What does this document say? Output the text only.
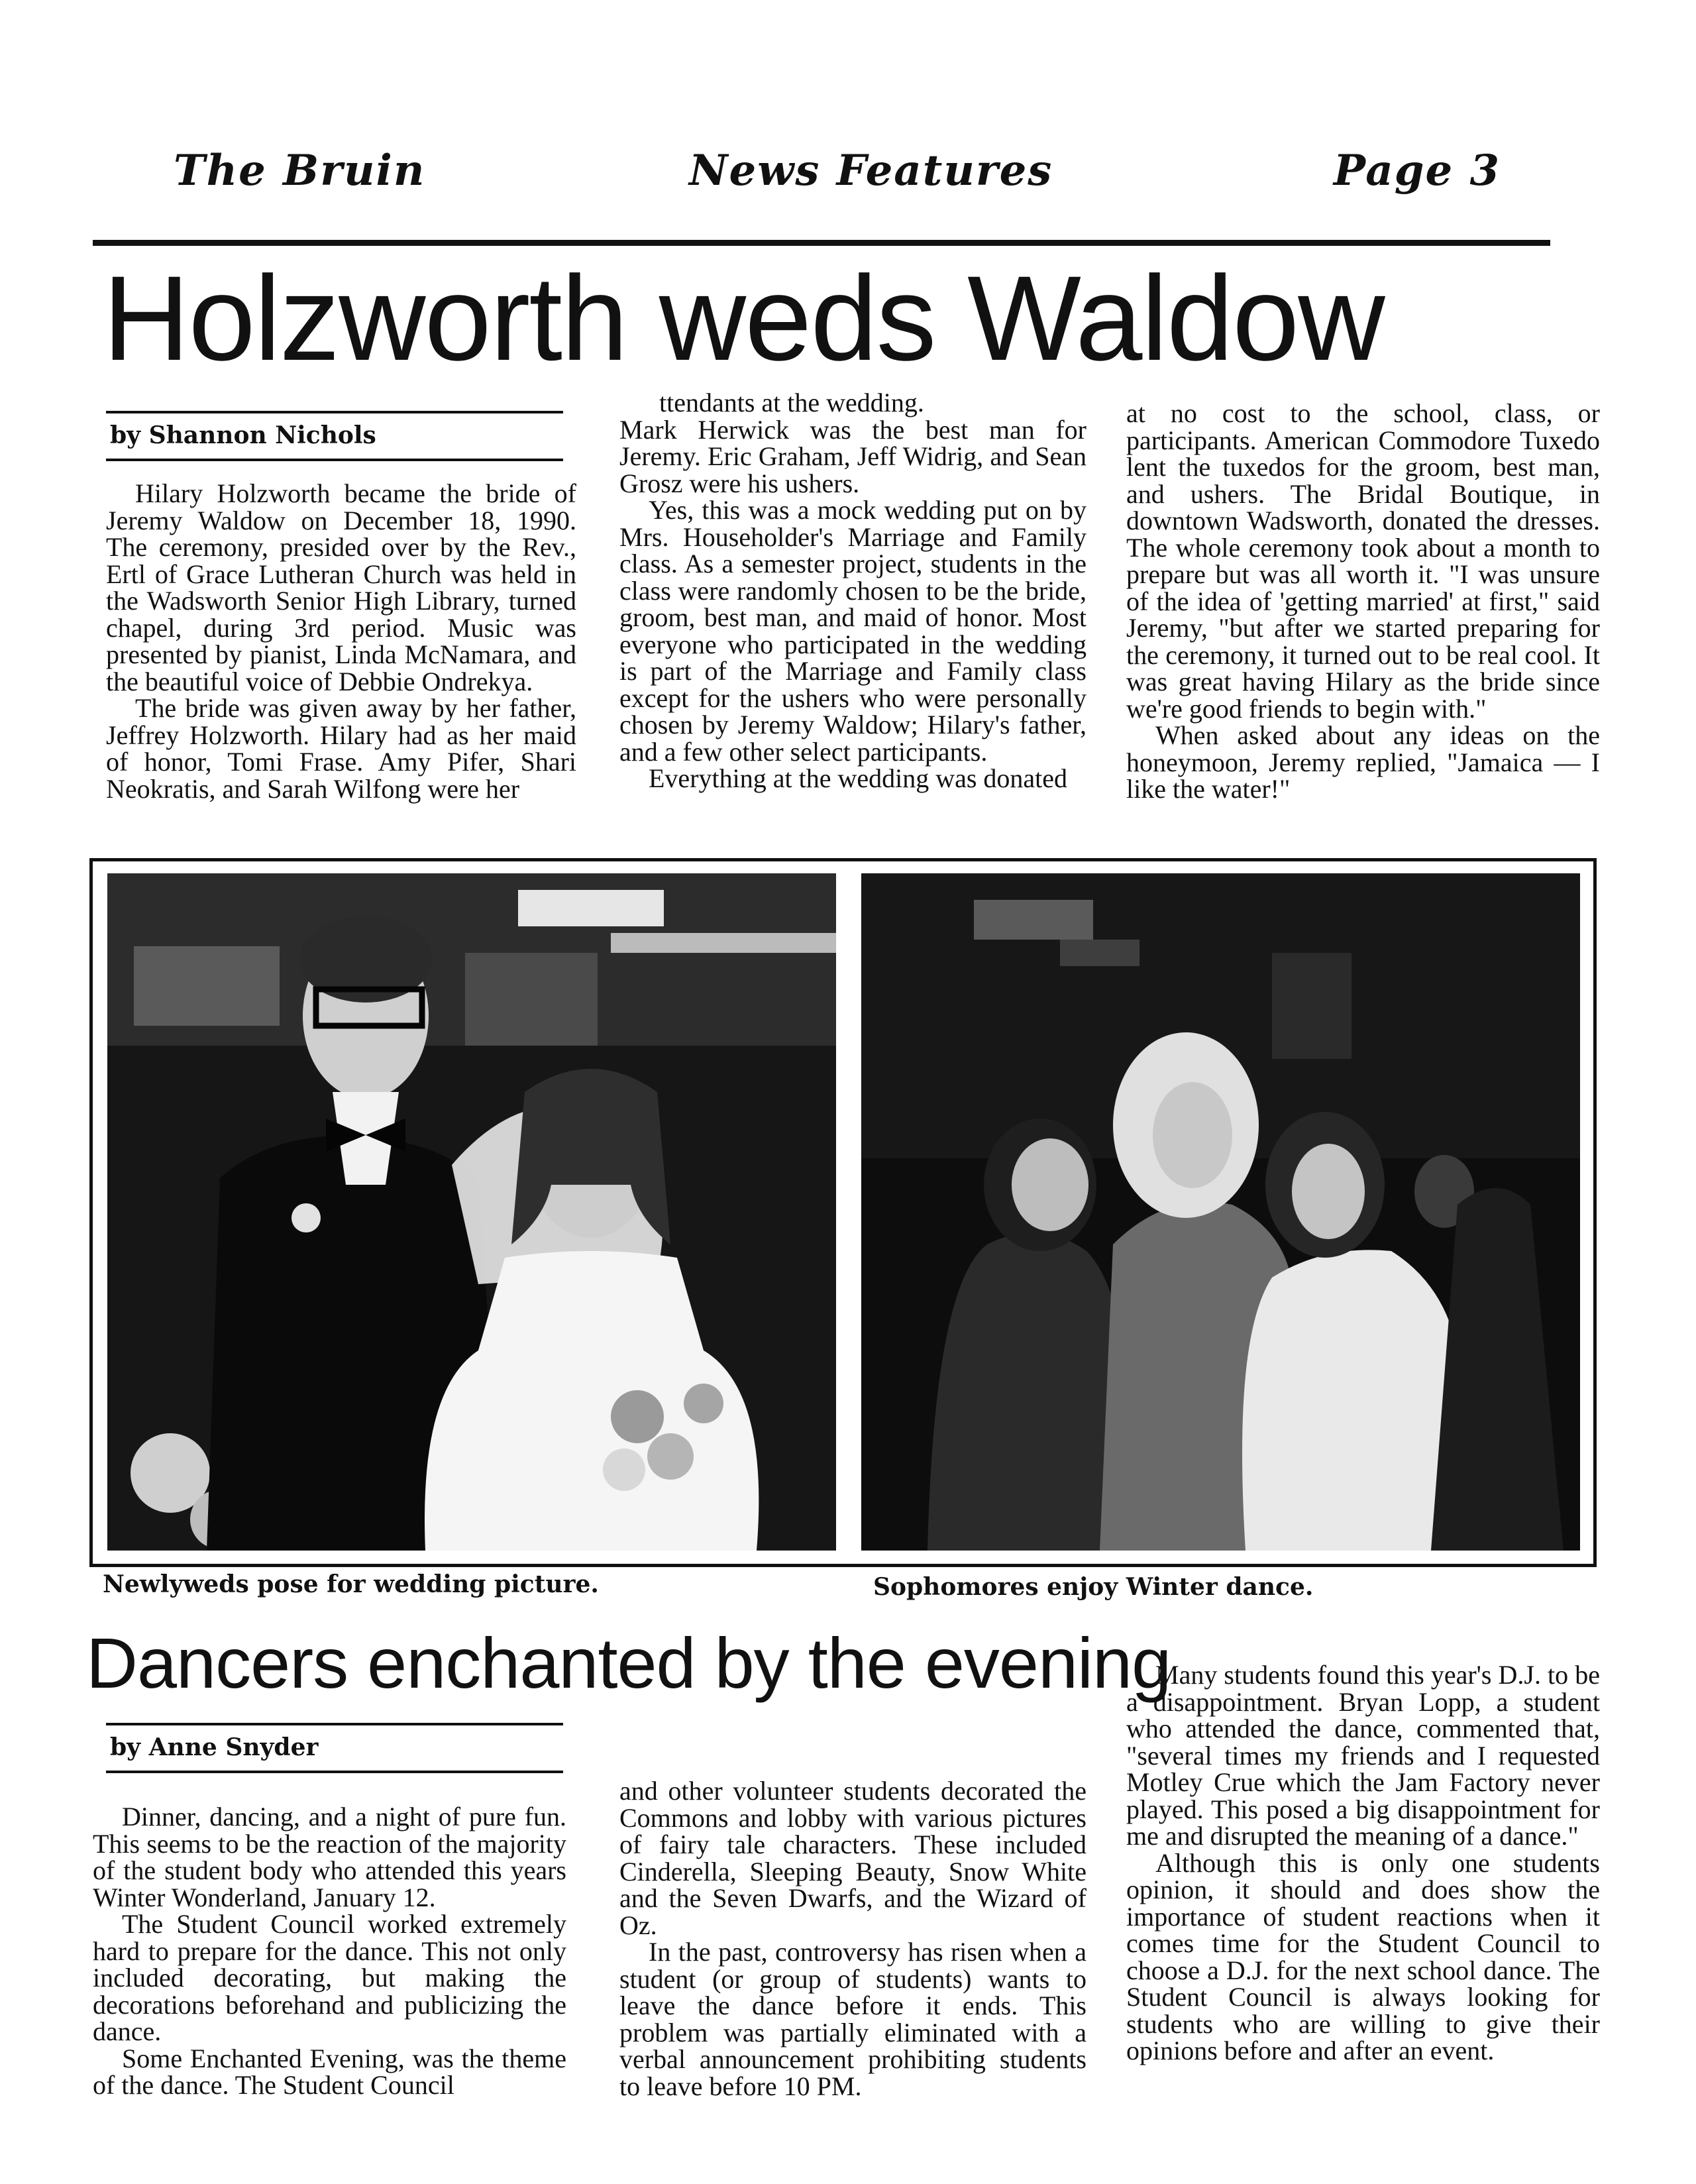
The Bruin	News Features	Page 3
Holzworth weds Waldow
by Shannon Nichols

Hilary Holzworth became the bride of Jeremy Waldow on December 18, 1990. The ceremony, presided over by the Rev., Ertl of Grace Lutheran Church was held in the Wadsworth Senior High Library, turned chapel, during 3rd period. Music was presented by pianist, Linda McNamara, and the beautiful voice of Debbie Ondrekya.

The bride was given away by her father, Jeffrey Holzworth. Hilary had as her maid of honor, Tomi Frase. Amy Pifer, Shari Neokratis, and Sarah Wilfong were her

ttendants at the wedding.

Mark Herwick was the best man for Jeremy. Eric Graham, Jeff Widrig, and Sean Grosz were his ushers.

Yes, this was a mock wedding put on by Mrs. Householder's Marriage and Family class. As a semester project, students in the class were randomly chosen to be the bride, groom, best man, and maid of honor. Most everyone who participated in the wedding is part of the Marriage and Family class except for the ushers who were personally chosen by Jeremy Waldow; Hilary's father, and a few other select participants.

Everything at the wedding was donated

at no cost to the school, class, or participants. American Commodore Tuxedo lent the tuxedos for the groom, best man, and ushers. The Bridal Boutique, in downtown Wadsworth, donated the dresses. The whole ceremony took about a month to prepare but was all worth it. "I was unsure of the idea of 'getting married' at first," said Jeremy, "but after we started preparing for the ceremony, it turned out to be real cool. It was great having Hilary as the bride since we're good friends to begin with."

When asked about any ideas on the honeymoon, Jeremy replied, "Jamaica — I like the water!"

Newlyweds pose for wedding picture.	Sophomores enjoy Winter dance.
Dancers enchanted by the evening
by Anne Snyder

Dinner, dancing, and a night of pure fun. This seems to be the reaction of the majority of the student body who attended this years Winter Wonderland, January 12.

The Student Council worked extremely hard to prepare for the dance. This not only included decorating, but making the decorations beforehand and publicizing the dance.

Some Enchanted Evening, was the theme of the dance. The Student Council

and other volunteer students decorated the Commons and lobby with various pictures of fairy tale characters. These included Cinderella, Sleeping Beauty, Snow White and the Seven Dwarfs, and the Wizard of Oz.

In the past, controversy has risen when a student (or group of students) wants to leave the dance before it ends. This problem was partially eliminated with a verbal announcement prohibiting students to leave before 10 PM.

Many students found this year's D.J. to be a disappointment. Bryan Lopp, a student who attended the dance, commented that, "several times my friends and I requested Motley Crue which the Jam Factory never played. This posed a big disappointment for me and disrupted the meaning of a dance."

Although this is only one students opinion, it should and does show the importance of student reactions when it comes time for the Student Council to choose a D.J. for the next school dance. The Student Council is always looking for students who are willing to give their opinions before and after an event.
